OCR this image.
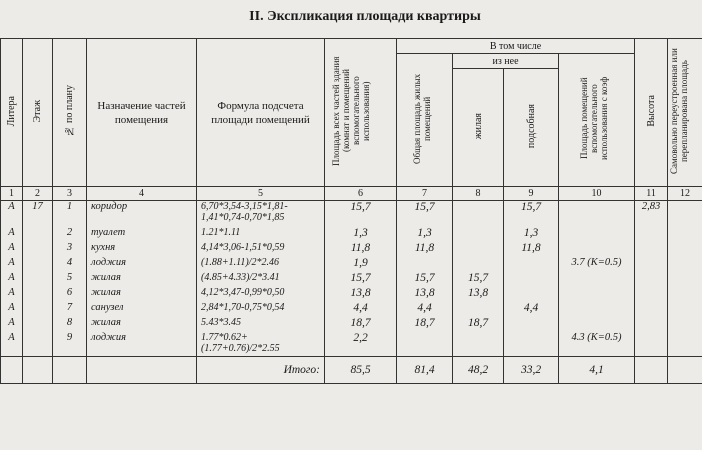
II. Экспликация площади квартиры
Литера	Этаж	№ по плану	Назначение частей помещения	Формула подсчета площади помещений	Площадь всех частей здания (комнат и помещений вспомогательного использования)	В том числе				Высота	Самовольно переустроенная или перепланирована площадь
						Общая площадь жилых помещений	из нее		Площадь помещений вспомогательного использования с коэф		
							жилая	подсобная			
1	2	3	4	5	6	7	8	9	10	11	12
А	17	1	коридор	6,70*3,54-3,15*1,81-1,41*0,74-0,70*1,85	15,7	15,7		15,7		2,83	
А		2	туалет	1.21*1.11	1,3	1,3		1,3			
А		3	кухня	4,14*3,06-1,51*0,59	11,8	11,8		11,8			
А		4	лоджия	(1.88+1.11)/2*2.46	1,9				3.7 (К=0.5)		
А		5	жилая	(4.85+4.33)/2*3.41	15,7	15,7	15,7				
А		6	жилая	4,12*3,47-0,99*0,50	13,8	13,8	13,8				
А		7	санузел	2,84*1,70-0,75*0,54	4,4	4,4		4,4			
А		8	жилая	5.43*3.45	18,7	18,7	18,7				
А		9	лоджия	1.77*0.62+(1.77+0.76)/2*2.55	2,2				4.3 (К=0.5)		
				Итого:	85,5	81,4	48,2	33,2	4,1		
